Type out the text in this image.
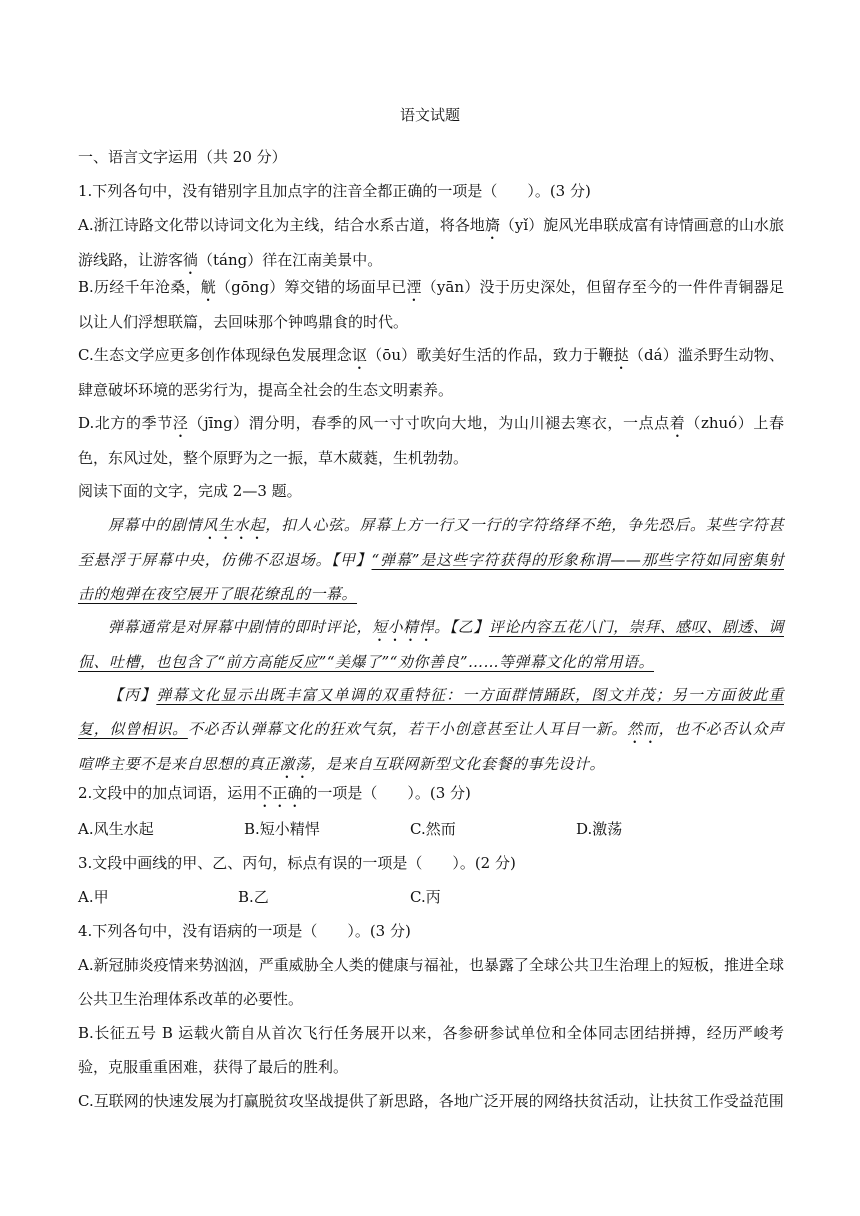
语文试题

一、语言文字运用（共 20 分）

1.下列各句中，没有错别字且加点字的注音全都正确的一项是（　　）。(3 分)

A.浙江诗路文化带以诗词文化为主线，结合水系古道，将各地旖（yǐ）旎风光串联成富有诗情画意的山水旅游线路，让游客徜（táng）徉在江南美景中。

B.历经千年沧桑，觥（gōng）筹交错的场面早已湮（yān）没于历史深处，但留存至今的一件件青铜器足以让人们浮想联篇，去回味那个钟鸣鼎食的时代。

C.生态文学应更多创作体现绿色发展理念讴（ōu）歌美好生活的作品，致力于鞭挞（dá）滥杀野生动物、肆意破坏环境的恶劣行为，提高全社会的生态文明素养。

D.北方的季节泾（jīng）渭分明，春季的风一寸寸吹向大地，为山川褪去寒衣，一点点着（zhuó）上春色，东风过处，整个原野为之一振，草木葳蕤，生机勃勃。

阅读下面的文字，完成 2—3 题。

屏幕中的剧情风生水起，扣人心弦。屏幕上方一行又一行的字符络绎不绝，争先恐后。某些字符甚至悬浮于屏幕中央，仿佛不忍退场。【甲】“弹幕”是这些字符获得的形象称谓——那些字符如同密集射击的炮弹在夜空展开了眼花缭乱的一幕。

弹幕通常是对屏幕中剧情的即时评论，短小精悍。【乙】评论内容五花八门，崇拜、感叹、剧透、调侃、吐槽，也包含了“前方高能反应”“美爆了”“劝你善良”……等弹幕文化的常用语。

【丙】弹幕文化显示出既丰富又单调的双重特征：一方面群情踊跃，图文并茂；另一方面彼此重复，似曾相识。不必否认弹幕文化的狂欢气氛，若干小创意甚至让人耳目一新。然而，也不必否认众声喧哗主要不是来自思想的真正激荡，是来自互联网新型文化套餐的事先设计。

2.文段中的加点词语，运用不正确的一项是（　　）。(3 分)

A.风生水起	B.短小精悍	C.然而	D.激荡

3.文段中画线的甲、乙、丙句，标点有误的一项是（　　）。(2 分)

A.甲	B.乙	C.丙

4.下列各句中，没有语病的一项是（　　）。(3 分)

A.新冠肺炎疫情来势汹汹，严重威胁全人类的健康与福祉，也暴露了全球公共卫生治理上的短板，推进全球公共卫生治理体系改革的必要性。

B.长征五号 B 运载火箭自从首次飞行任务展开以来，各参研参试单位和全体同志团结拼搏，经历严峻考验，克服重重困难，获得了最后的胜利。

C.互联网的快速发展为打赢脱贫攻坚战提供了新思路，各地广泛开展的网络扶贫活动，让扶贫工作受益范围
